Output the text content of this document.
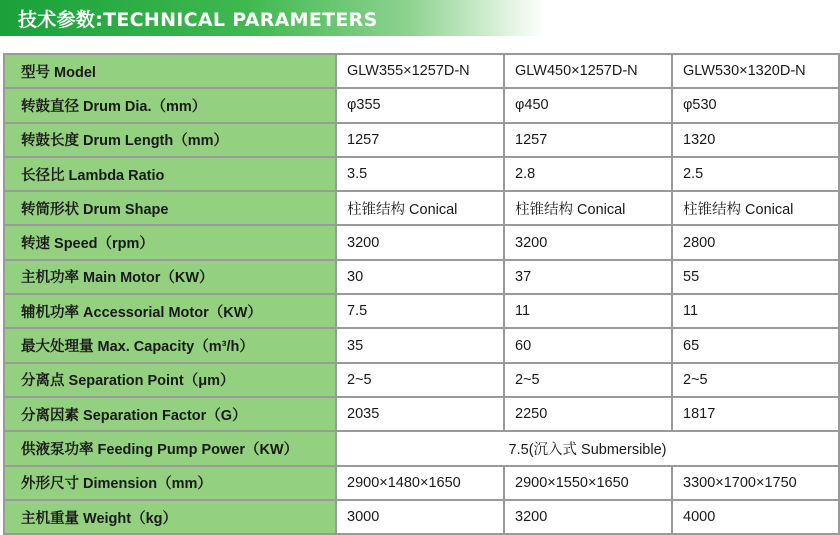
技术参数:TECHNICAL PARAMETERS
型号 Model	GLW355×1257D-N	GLW450×1257D-N	GLW530×1320D-N
转鼓直径 Drum Dia.（mm）	φ355	φ450	φ530
转鼓长度 Drum Length（mm）	1257	1257	1320
长径比 Lambda Ratio	3.5	2.8	2.5
转筒形状 Drum Shape	柱锥结构 Conical	柱锥结构 Conical	柱锥结构 Conical
转速 Speed（rpm）	3200	3200	2800
主机功率 Main Motor（KW）	30	37	55
辅机功率 Accessorial Motor（KW）	7.5	11	11
最大处理量 Max. Capacity（m³/h）	35	60	65
分离点 Separation Point（μm）	2~5	2~5	2~5
分离因素 Separation Factor（G）	2035	2250	1817
供液泵功率 Feeding Pump Power（KW）	7.5(沉入式 Submersible)		
外形尺寸 Dimension（mm）	2900×1480×1650	2900×1550×1650	3300×1700×1750
主机重量 Weight（kg）	3000	3200	4000
